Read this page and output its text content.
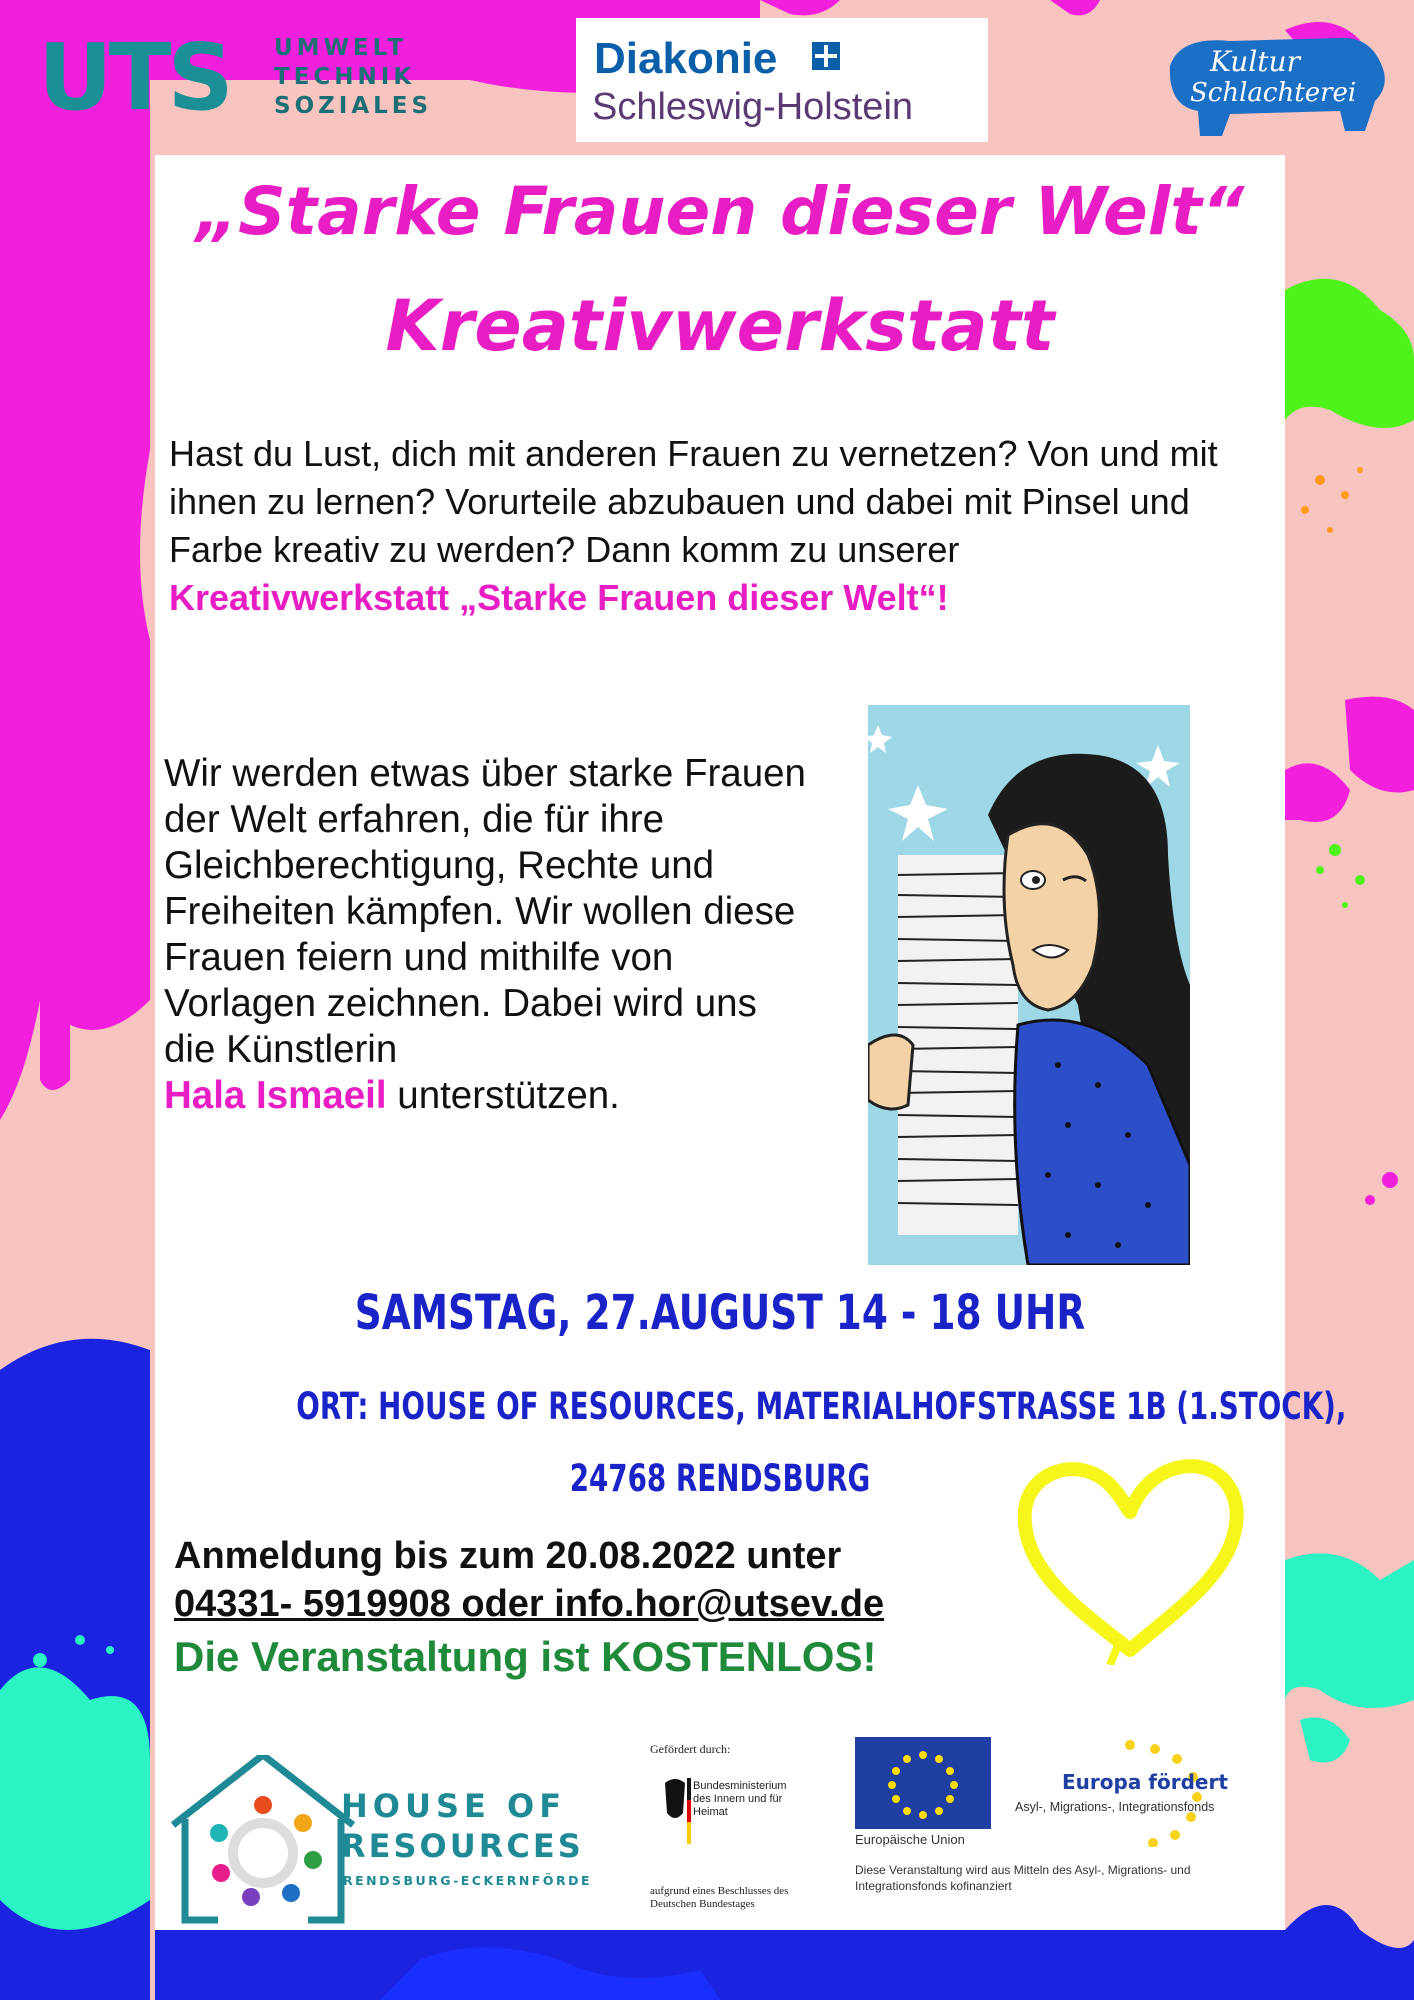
UTS UMWELT
TECHNIK
SOZIALES
Diakonie
Schleswig-Holstein
Kultur
Schlachterei
„Starke Frauen dieser Welt“
Kreativwerkstatt
Hast du Lust, dich mit anderen Frauen zu vernetzen? Von und mit ihnen zu lernen? Vorurteile abzubauen und dabei mit Pinsel und Farbe kreativ zu werden? Dann komm zu unserer
Kreativwerkstatt „Starke Frauen dieser Welt“!
Wir werden etwas über starke Frauen der Welt erfahren, die für ihre Gleichberechtigung, Rechte und Freiheiten kämpfen. Wir wollen diese Frauen feiern und mithilfe von Vorlagen zeichnen. Dabei wird uns die Künstlerin
Hala Ismaeil unterstützen.
SAMSTAG, 27.AUGUST 14 - 18 UHR
ORT: HOUSE OF RESOURCES, MATERIALHOFSTRASSE 1B (1.STOCK),
24768 RENDSBURG
Anmeldung bis zum 20.08.2022 unter
04331- 5919908 oder info.hor@utsev.de
Die Veranstaltung ist KOSTENLOS!
HOUSE OF
RESOURCES
RENDSBURG-ECKERNFÖRDE
Gefördert durch:
Bundesministerium des Innern und für Heimat
aufgrund eines Beschlusses des Deutschen Bundestages
Europäische Union
Europa fördert
Asyl-, Migrations-, Integrationsfonds
Diese Veranstaltung wird aus Mitteln des Asyl-, Migrations- und Integrationsfonds kofinanziert
